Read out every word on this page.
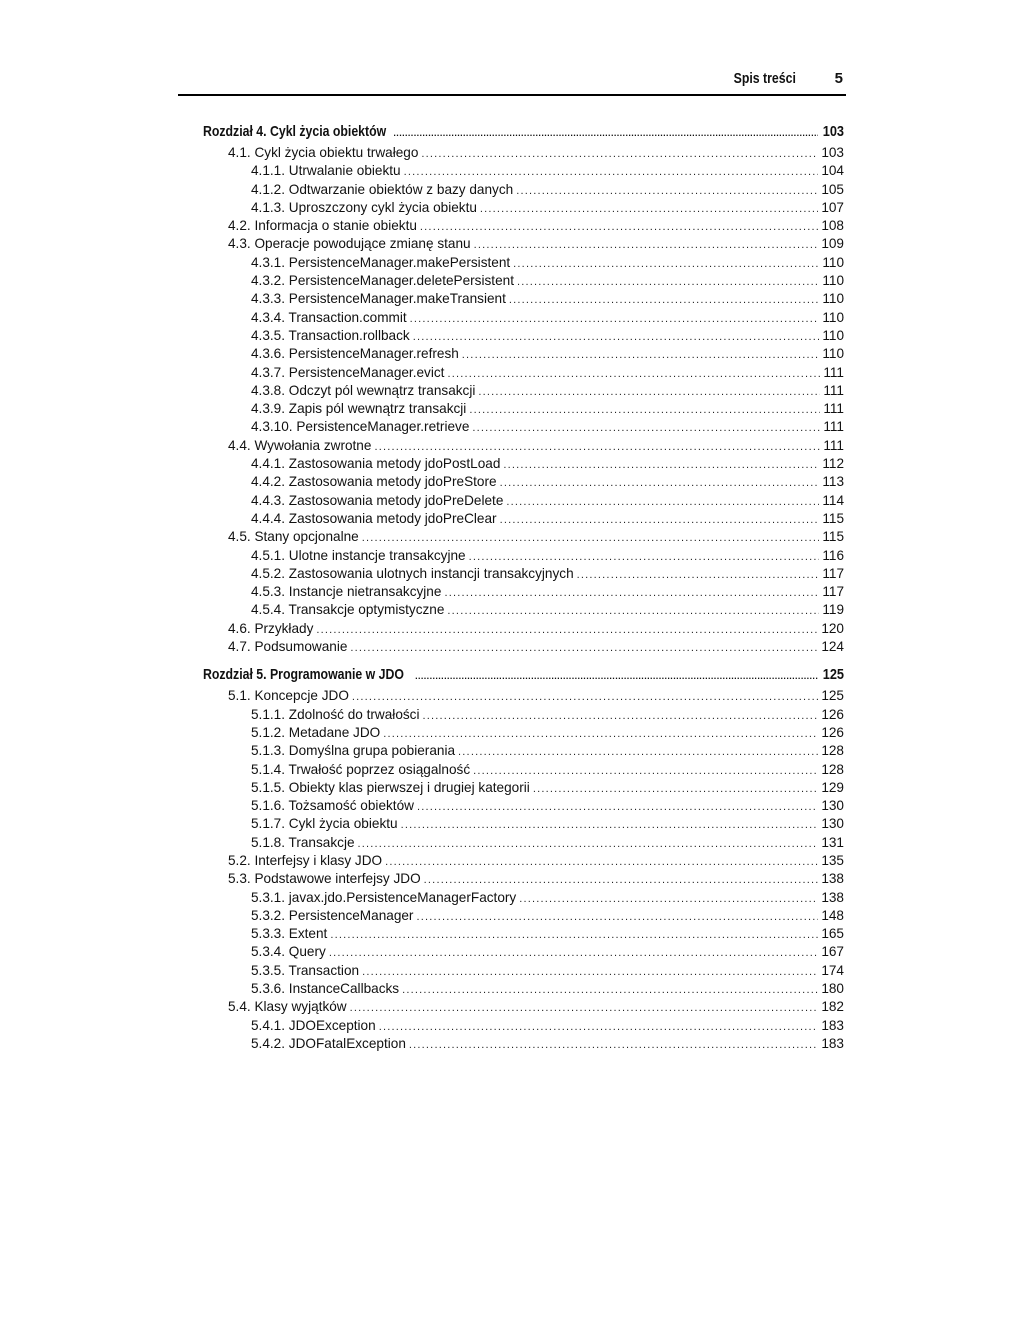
Spis treści	5
Rozdział 4. Cykl życia obiektów .....	103
4.1. Cykl życia obiektu trwałego .....	103
4.1.1. Utrwalanie obiektu .....	104
4.1.2. Odtwarzanie obiektów z bazy danych .....	105
4.1.3. Uproszczony cykl życia obiektu .....	107
4.2. Informacja o stanie obiektu .....	108
4.3. Operacje powodujące zmianę stanu .....	109
4.3.1. PersistenceManager.makePersistent .....	110
4.3.2. PersistenceManager.deletePersistent .....	110
4.3.3. PersistenceManager.makeTransient .....	110
4.3.4. Transaction.commit .....	110
4.3.5. Transaction.rollback .....	110
4.3.6. PersistenceManager.refresh .....	110
4.3.7. PersistenceManager.evict .....	111
4.3.8. Odczyt pól wewnątrz transakcji .....	111
4.3.9. Zapis pól wewnątrz transakcji .....	111
4.3.10. PersistenceManager.retrieve .....	111
4.4. Wywołania zwrotne .....	111
4.4.1. Zastosowania metody jdoPostLoad .....	112
4.4.2. Zastosowania metody jdoPreStore .....	113
4.4.3. Zastosowania metody jdoPreDelete .....	114
4.4.4. Zastosowania metody jdoPreClear .....	115
4.5. Stany opcjonalne .....	115
4.5.1. Ulotne instancje transakcyjne .....	116
4.5.2. Zastosowania ulotnych instancji transakcyjnych .....	117
4.5.3. Instancje nietransakcyjne .....	117
4.5.4. Transakcje optymistyczne .....	119
4.6. Przykłady .....	120
4.7. Podsumowanie .....	124
Rozdział 5. Programowanie w JDO .....	125
5.1. Koncepcje JDO .....	125
5.1.1. Zdolność do trwałości .....	126
5.1.2. Metadane JDO .....	126
5.1.3. Domyślna grupa pobierania .....	128
5.1.4. Trwałość poprzez osiągalność .....	128
5.1.5. Obiekty klas pierwszej i drugiej kategorii .....	129
5.1.6. Tożsamość obiektów .....	130
5.1.7. Cykl życia obiektu .....	130
5.1.8. Transakcje .....	131
5.2. Interfejsy i klasy JDO .....	135
5.3. Podstawowe interfejsy JDO .....	138
5.3.1. javax.jdo.PersistenceManagerFactory .....	138
5.3.2. PersistenceManager .....	148
5.3.3. Extent .....	165
5.3.4. Query .....	167
5.3.5. Transaction .....	174
5.3.6. InstanceCallbacks .....	180
5.4. Klasy wyjątków .....	182
5.4.1. JDOException .....	183
5.4.2. JDOFatalException .....	183
